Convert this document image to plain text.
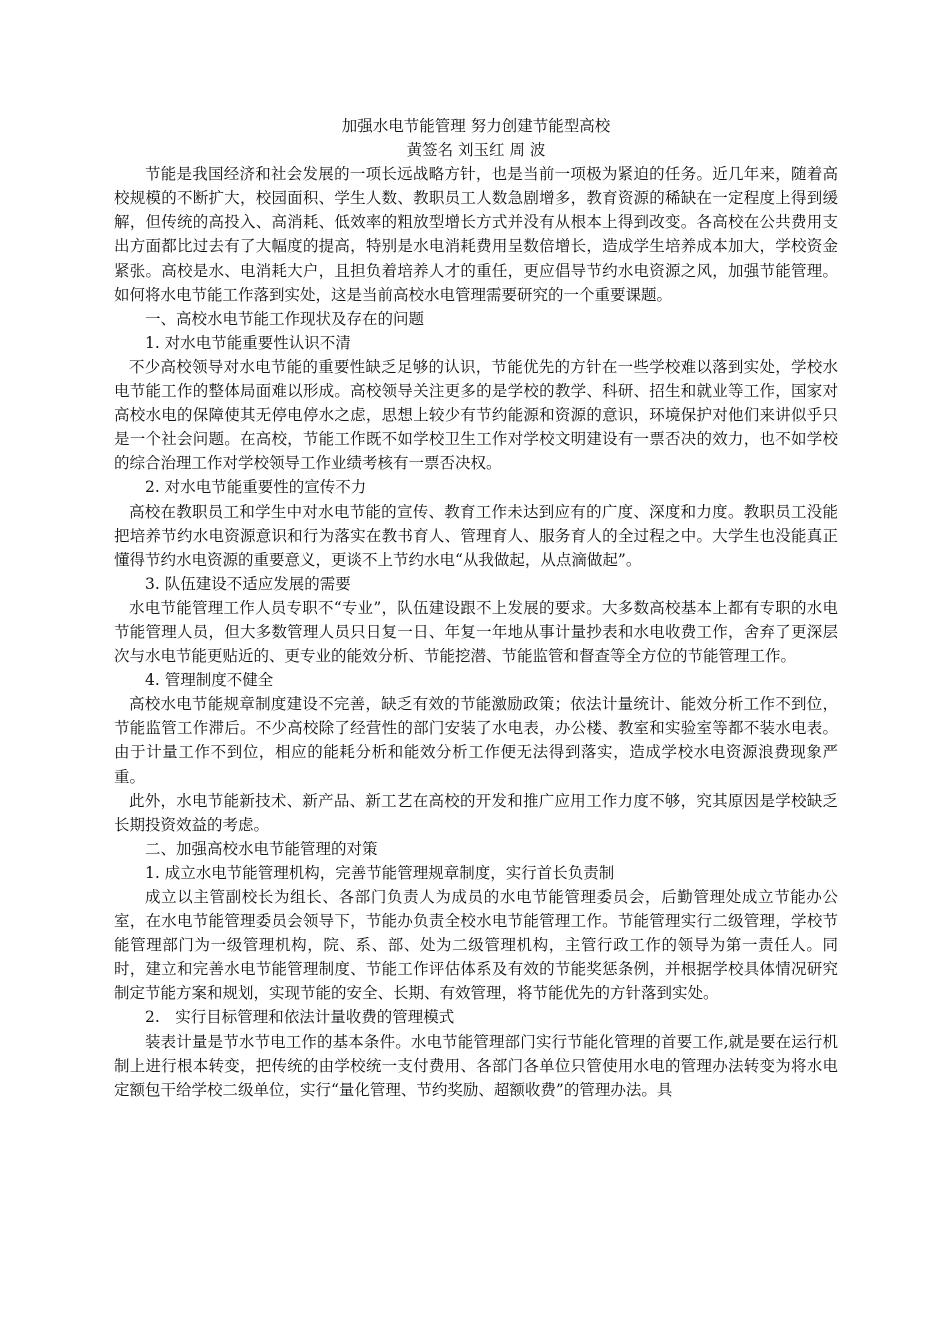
加强水电节能管理 努力创建节能型高校

黄签名 刘玉红 周 波

节能是我国经济和社会发展的一项长远战略方针，也是当前一项极为紧迫的任务。近几年来，随着高校规模的不断扩大，校园面积、学生人数、教职员工人数急剧增多，教育资源的稀缺在一定程度上得到缓解，但传统的高投入、高消耗、低效率的粗放型增长方式并没有从根本上得到改变。各高校在公共费用支出方面都比过去有了大幅度的提高，特别是水电消耗费用呈数倍增长，造成学生培养成本加大，学校资金紧张。高校是水、电消耗大户，且担负着培养人才的重任，更应倡导节约水电资源之风，加强节能管理。如何将水电节能工作落到实处，这是当前高校水电管理需要研究的一个重要课题。

一、高校水电节能工作现状及存在的问题

1. 对水电节能重要性认识不清

不少高校领导对水电节能的重要性缺乏足够的认识，节能优先的方针在一些学校难以落到实处，学校水电节能工作的整体局面难以形成。高校领导关注更多的是学校的教学、科研、招生和就业等工作，国家对高校水电的保障使其无停电停水之虑，思想上较少有节约能源和资源的意识，环境保护对他们来讲似乎只是一个社会问题。在高校，节能工作既不如学校卫生工作对学校文明建设有一票否决的效力，也不如学校的综合治理工作对学校领导工作业绩考核有一票否决权。

2. 对水电节能重要性的宣传不力

高校在教职员工和学生中对水电节能的宣传、教育工作未达到应有的广度、深度和力度。教职员工没能把培养节约水电资源意识和行为落实在教书育人、管理育人、服务育人的全过程之中。大学生也没能真正懂得节约水电资源的重要意义，更谈不上节约水电“从我做起，从点滴做起”。

3. 队伍建设不适应发展的需要

水电节能管理工作人员专职不“专业”，队伍建设跟不上发展的要求。大多数高校基本上都有专职的水电节能管理人员，但大多数管理人员只日复一日、年复一年地从事计量抄表和水电收费工作，舍弃了更深层次与水电节能更贴近的、更专业的能效分析、节能挖潜、节能监管和督查等全方位的节能管理工作。

4. 管理制度不健全

高校水电节能规章制度建设不完善，缺乏有效的节能激励政策；依法计量统计、能效分析工作不到位，节能监管工作滞后。不少高校除了经营性的部门安装了水电表，办公楼、教室和实验室等都不装水电表。由于计量工作不到位，相应的能耗分析和能效分析工作便无法得到落实，造成学校水电资源浪费现象严重。

此外，水电节能新技术、新产品、新工艺在高校的开发和推广应用工作力度不够，究其原因是学校缺乏长期投资效益的考虑。

二、加强高校水电节能管理的对策

1. 成立水电节能管理机构，完善节能管理规章制度，实行首长负责制

成立以主管副校长为组长、各部门负责人为成员的水电节能管理委员会，后勤管理处成立节能办公室，在水电节能管理委员会领导下，节能办负责全校水电节能管理工作。节能管理实行二级管理，学校节能管理部门为一级管理机构，院、系、部、处为二级管理机构，主管行政工作的领导为第一责任人。同时，建立和完善水电节能管理制度、节能工作评估体系及有效的节能奖惩条例，并根据学校具体情况研究制定节能方案和规划，实现节能的安全、长期、有效管理，将节能优先的方针落到实处。

2.　实行目标管理和依法计量收费的管理模式

装表计量是节水节电工作的基本条件。水电节能管理部门实行节能化管理的首要工作,就是要在运行机制上进行根本转变，把传统的由学校统一支付费用、各部门各单位只管使用水电的管理办法转变为将水电定额包干给学校二级单位，实行“量化管理、节约奖励、超额收费”的管理办法。具
